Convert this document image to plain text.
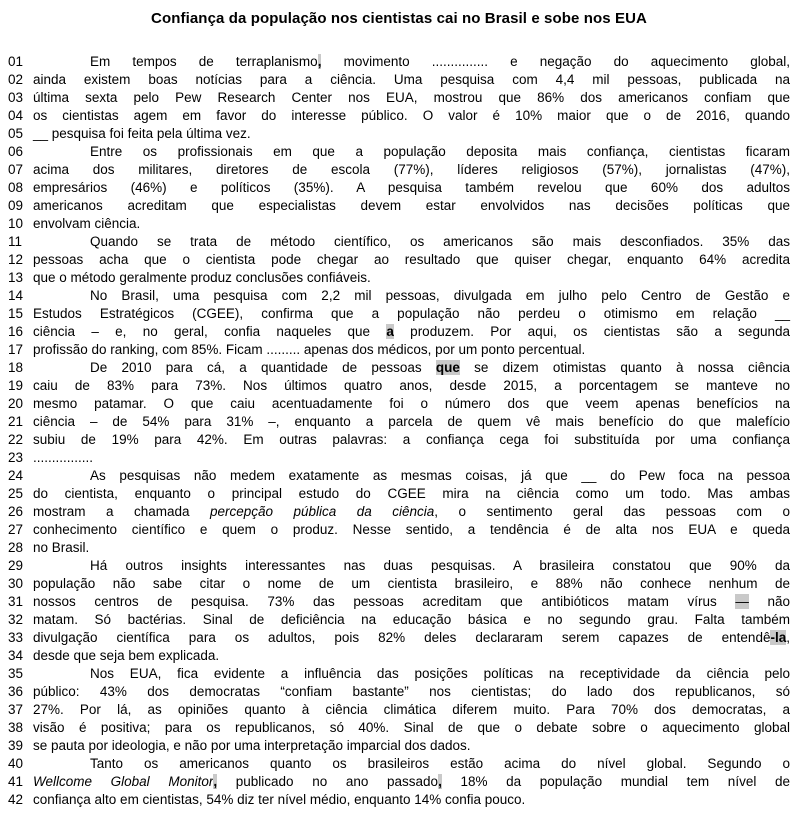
Confiança da população nos cientistas cai no Brasil e sobe nos EUA
01	Em tempos de terraplanismo, movimento ............... e negação do aquecimento global,
02 ainda existem boas notícias para a ciência. Uma pesquisa com 4,4 mil pessoas, publicada na
03 última sexta pelo Pew Research Center nos EUA, mostrou que 86% dos americanos confiam que
04 os cientistas agem em favor do interesse público. O valor é 10% maior que o de 2016, quando
05 __ pesquisa foi feita pela última vez.
06	Entre os profissionais em que a população deposita mais confiança, cientistas ficaram
07 acima dos militares, diretores de escola (77%), líderes religiosos (57%), jornalistas (47%),
08 empresários (46%) e políticos (35%). A pesquisa também revelou que 60% dos adultos
09 americanos acreditam que especialistas devem estar envolvidos nas decisões políticas que
10 envolvam ciência.
11	Quando se trata de método científico, os americanos são mais desconfiados. 35% das
12 pessoas acha que o cientista pode chegar ao resultado que quiser chegar, enquanto 64% acredita
13 que o método geralmente produz conclusões confiáveis.
14	No Brasil, uma pesquisa com 2,2 mil pessoas, divulgada em julho pelo Centro de Gestão e
15 Estudos Estratégicos (CGEE), confirma que a população não perdeu o otimismo em relação __
16 ciência – e, no geral, confia naqueles que a produzem. Por aqui, os cientistas são a segunda
17 profissão do ranking, com 85%. Ficam ......... apenas dos médicos, por um ponto percentual.
18	De 2010 para cá, a quantidade de pessoas que se dizem otimistas quanto à nossa ciência
19 caiu de 83% para 73%. Nos últimos quatro anos, desde 2015, a porcentagem se manteve no
20 mesmo patamar. O que caiu acentuadamente foi o número dos que veem apenas benefícios na
21 ciência – de 54% para 31% –, enquanto a parcela de quem vê mais benefício do que malefício
22 subiu de 19% para 42%. Em outras palavras: a confiança cega foi substituída por uma confiança
23 ................
24	As pesquisas não medem exatamente as mesmas coisas, já que __ do Pew foca na pessoa
25 do cientista, enquanto o principal estudo do CGEE mira na ciência como um todo. Mas ambas
26 mostram a chamada percepção pública da ciência, o sentimento geral das pessoas com o
27 conhecimento científico e quem o produz. Nesse sentido, a tendência é de alta nos EUA e queda
28 no Brasil.
29	Há outros insights interessantes nas duas pesquisas. A brasileira constatou que 90% da
30 população não sabe citar o nome de um cientista brasileiro, e 88% não conhece nenhum de
31 nossos centros de pesquisa. 73% das pessoas acreditam que antibióticos matam vírus — não
32 matam. Só bactérias. Sinal de deficiência na educação básica e no segundo grau. Falta também
33 divulgação científica para os adultos, pois 82% deles declararam serem capazes de entendê-la,
34 desde que seja bem explicada.
35	Nos EUA, fica evidente a influência das posições políticas na receptividade da ciência pelo
36 público: 43% dos democratas “confiam bastante” nos cientistas; do lado dos republicanos, só
37 27%. Por lá, as opiniões quanto à ciência climática diferem muito. Para 70% dos democratas, a
38 visão é positiva; para os republicanos, só 40%. Sinal de que o debate sobre o aquecimento global
39 se pauta por ideologia, e não por uma interpretação imparcial dos dados.
40	Tanto os americanos quanto os brasileiros estão acima do nível global. Segundo o
41 Wellcome Global Monitor, publicado no ano passado, 18% da população mundial tem nível de
42 confiança alto em cientistas, 54% diz ter nível médio, enquanto 14% confia pouco.
